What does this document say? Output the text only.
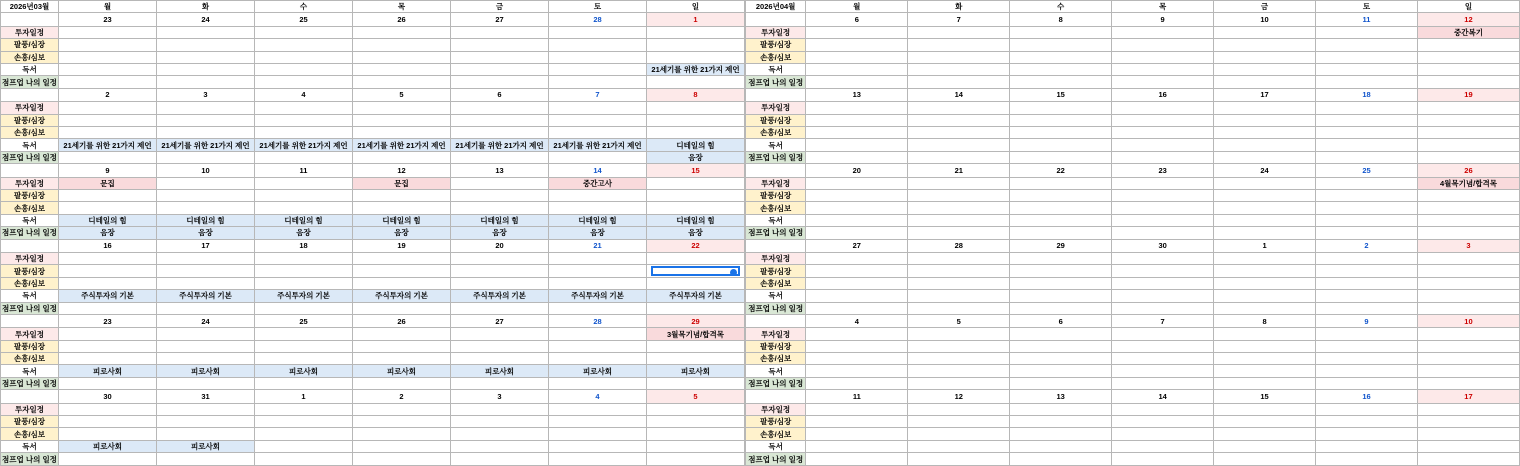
2026년03월	월	화	수	목	금	토	일
	23	24	25	26	27	28	1
투자일정							
팔풍/심장							
손흥/심보							
독서							21세기를 위한 21가지 제언
점프업 나의 일정							
	2	3	4	5	6	7	8
투자일정							
팔풍/심장							
손흥/심보							
독서	21세기를 위한 21가지 제언	21세기를 위한 21가지 제언	21세기를 위한 21가지 제언	21세기를 위한 21가지 제언	21세기를 위한 21가지 제언	21세기를 위한 21가지 제언	디테일의 힘
점프업 나의 일정							음장
	9	10	11	12	13	14	15
투자일정	문집			문집		중간고사	
팔풍/심장							
손흥/심보							
독서	디테일의 힘	디테일의 힘	디테일의 힘	디테일의 힘	디테일의 힘	디테일의 힘	디테일의 힘
점프업 나의 일정	음장	음장	음장	음장	음장	음장	음장
	16	17	18	19	20	21	22
투자일정							
팔풍/심장							

손흥/심보							
독서	주식투자의 기본	주식투자의 기본	주식투자의 기본	주식투자의 기본	주식투자의 기본	주식투자의 기본	주식투자의 기본
점프업 나의 일정							
	23	24	25	26	27	28	29
투자일정							3월목기념/합격목
팔풍/심장							
손흥/심보							
독서	피로사회	피로사회	피로사회	피로사회	피로사회	피로사회	피로사회
점프업 나의 일정							
	30	31	1	2	3	4	5
투자일정							
팔풍/심장							
손흥/심보							
독서	피로사회	피로사회					
점프업 나의 일정							
2026년04월	월	화	수	목	금	토	일
	6	7	8	9	10	11	12
투자일정							중간복기
팔풍/심장							
손흥/심보							
독서							
점프업 나의 일정							
	13	14	15	16	17	18	19
투자일정							
팔풍/심장							
손흥/심보							
독서							
점프업 나의 일정							
	20	21	22	23	24	25	26
투자일정							4월목기념/합격목
팔풍/심장							
손흥/심보							
독서							
점프업 나의 일정							
	27	28	29	30	1	2	3
투자일정							
팔풍/심장							
손흥/심보							
독서							
점프업 나의 일정							
	4	5	6	7	8	9	10
투자일정							
팔풍/심장							
손흥/심보							
독서							
점프업 나의 일정							
	11	12	13	14	15	16	17
투자일정							
팔풍/심장							
손흥/심보							
독서							
점프업 나의 일정							
